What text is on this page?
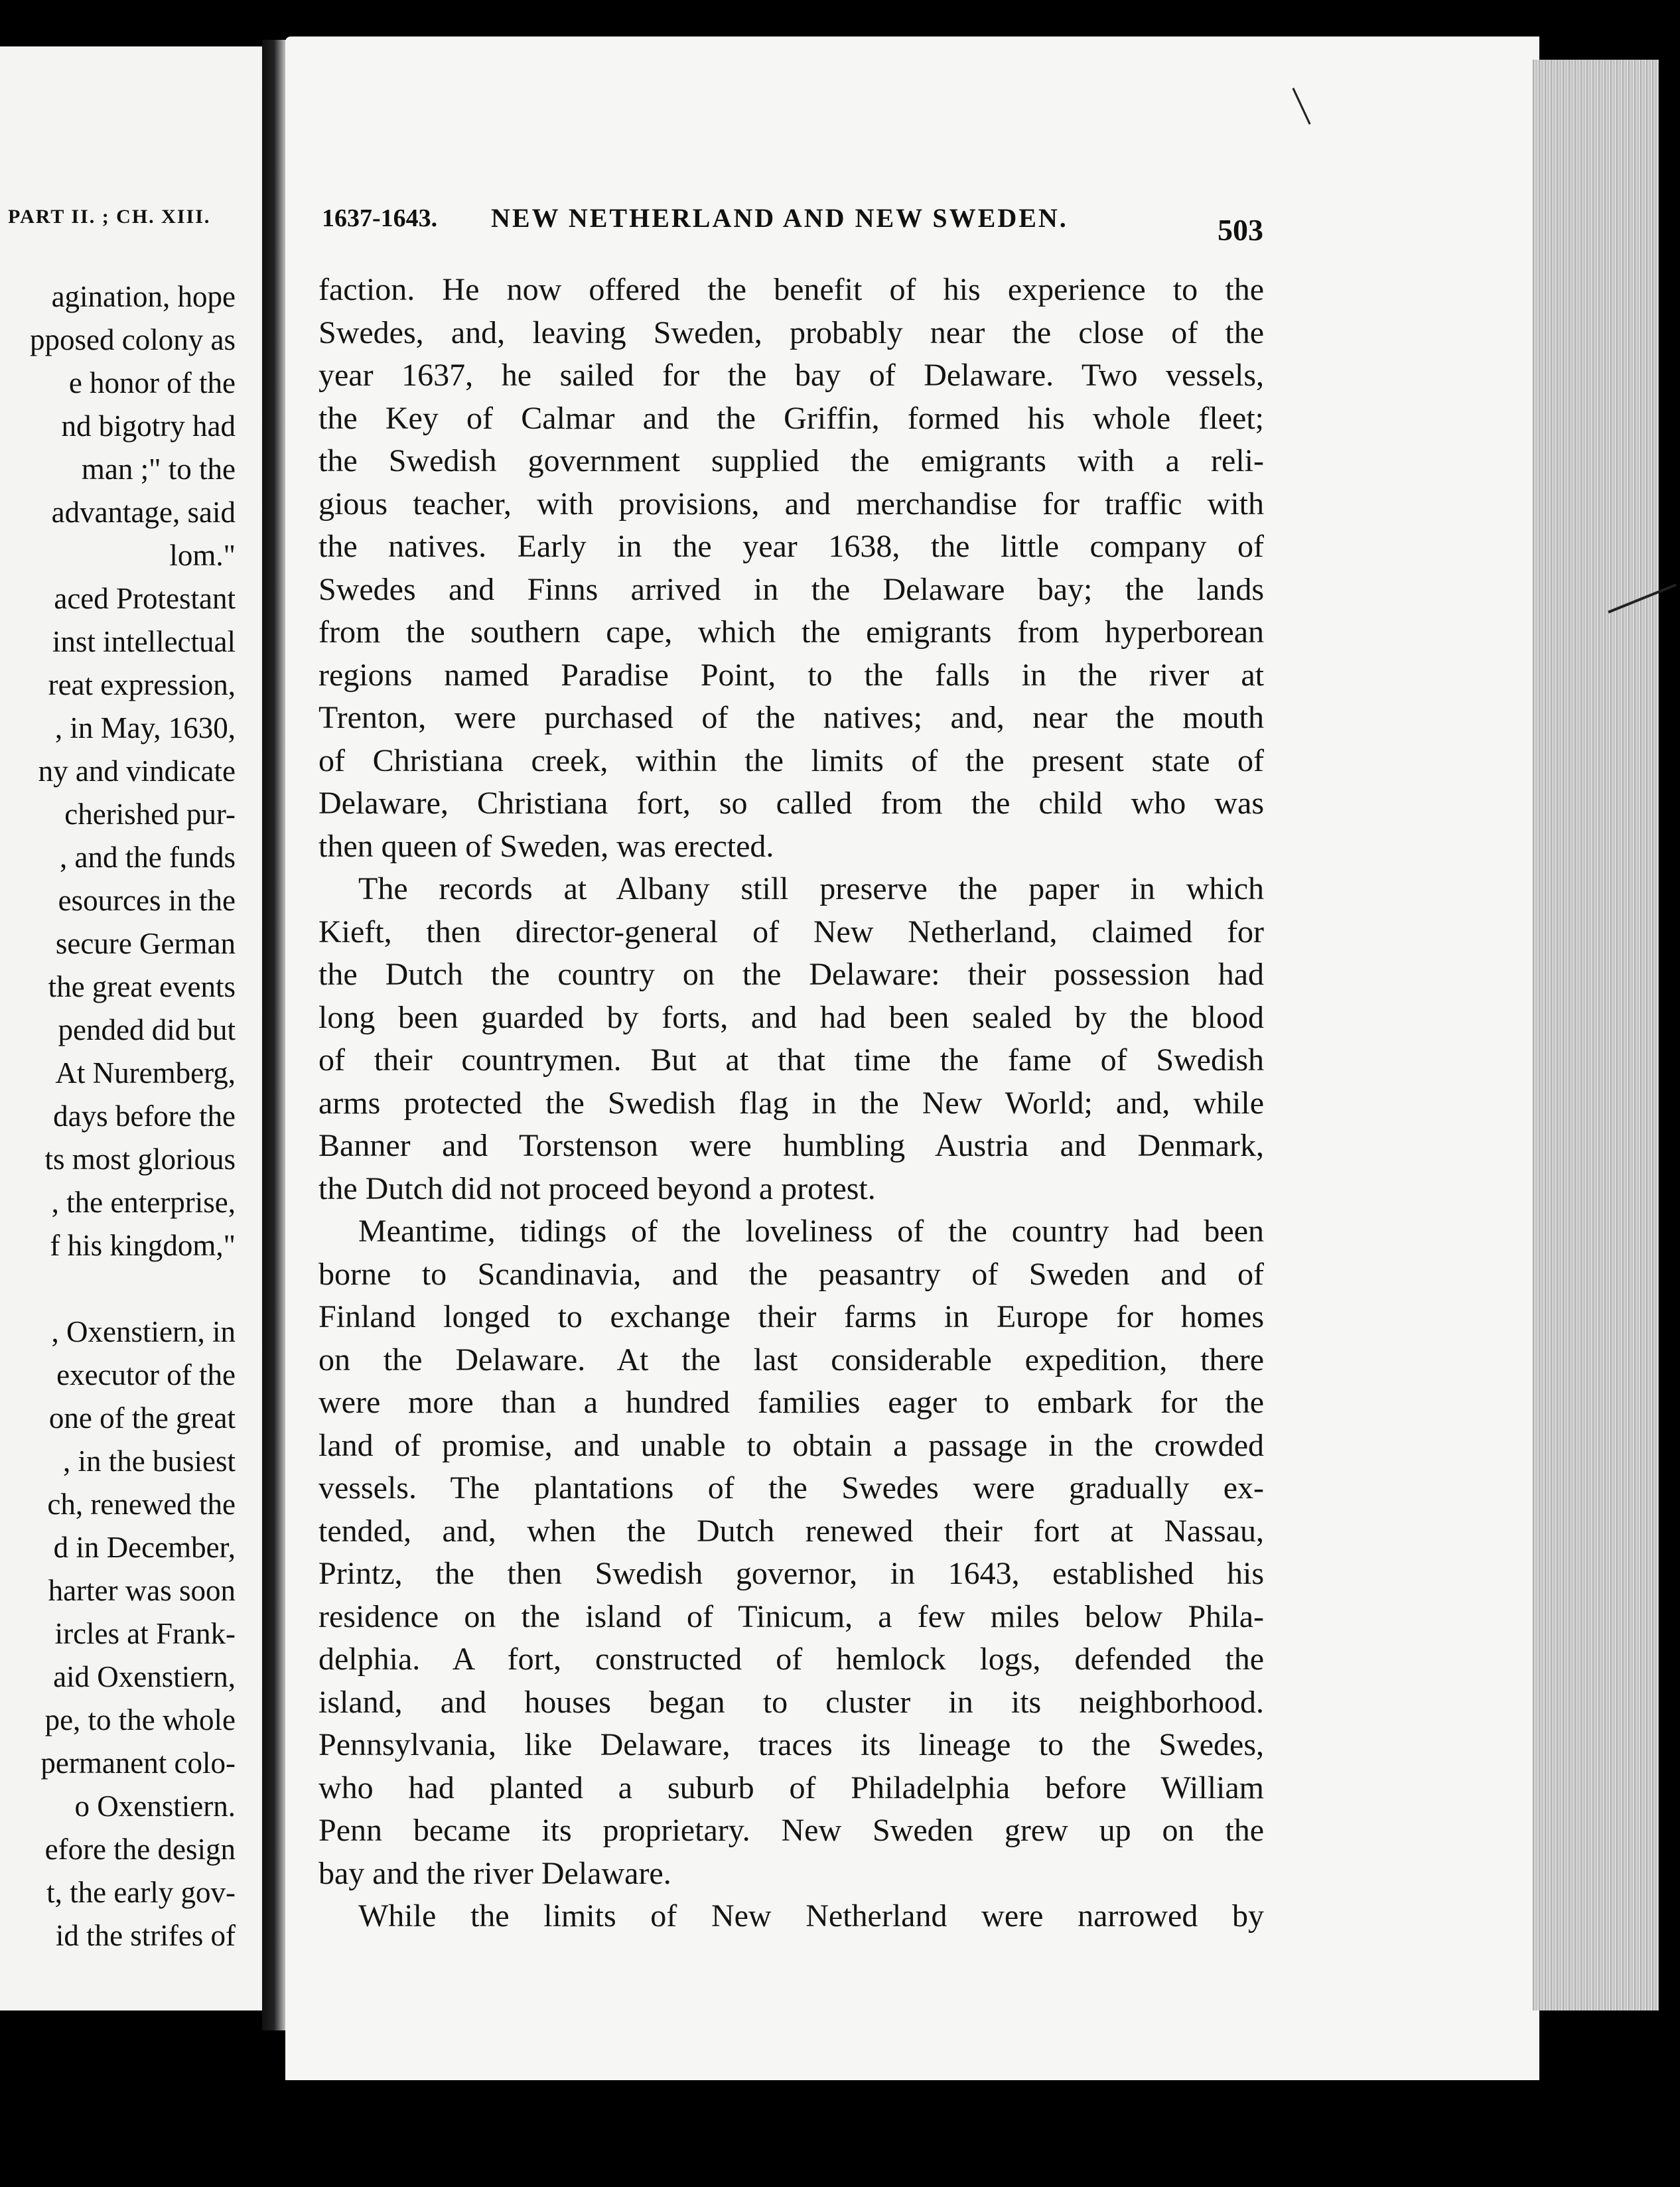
PART II. ; CH. XIII.
agination, hope
pposed colony as
e honor of the
nd bigotry had
man ;" to the
advantage, said
lom."
aced Protestant
inst intellectual
reat expression,
, in May, 1630,
ny and vindicate
cherished pur-
, and the funds
esources in the
secure German
the great events
pended did but
At Nuremberg,
days before the
ts most glorious
, the enterprise,
f his kingdom,"
, Oxenstiern, in
executor of the
one of the great
, in the busiest
ch, renewed the
d in December,
harter was soon
ircles at Frank-
aid Oxenstiern,
pe, to the whole
permanent colo-
o Oxenstiern.
efore the design
t, the early gov-
id the strifes of
1637-1643. NEW NETHERLAND AND NEW SWEDEN.	503
faction. He now offered the benefit of his experience to the
Swedes, and, leaving Sweden, probably near the close of the
year 1637, he sailed for the bay of Delaware. Two vessels,
the Key of Calmar and the Griffin, formed his whole fleet;
the Swedish government supplied the emigrants with a reli-
gious teacher, with provisions, and merchandise for traffic with
the natives. Early in the year 1638, the little company of
Swedes and Finns arrived in the Delaware bay; the lands
from the southern cape, which the emigrants from hyperborean
regions named Paradise Point, to the falls in the river at
Trenton, were purchased of the natives; and, near the mouth
of Christiana creek, within the limits of the present state of
Delaware, Christiana fort, so called from the child who was
then queen of Sweden, was erected.
The records at Albany still preserve the paper in which
Kieft, then director-general of New Netherland, claimed for
the Dutch the country on the Delaware: their possession had
long been guarded by forts, and had been sealed by the blood
of their countrymen. But at that time the fame of Swedish
arms protected the Swedish flag in the New World; and, while
Banner and Torstenson were humbling Austria and Denmark,
the Dutch did not proceed beyond a protest.
Meantime, tidings of the loveliness of the country had been
borne to Scandinavia, and the peasantry of Sweden and of
Finland longed to exchange their farms in Europe for homes
on the Delaware. At the last considerable expedition, there
were more than a hundred families eager to embark for the
land of promise, and unable to obtain a passage in the crowded
vessels. The plantations of the Swedes were gradually ex-
tended, and, when the Dutch renewed their fort at Nassau,
Printz, the then Swedish governor, in 1643, established his
residence on the island of Tinicum, a few miles below Phila-
delphia. A fort, constructed of hemlock logs, defended the
island, and houses began to cluster in its neighborhood.
Pennsylvania, like Delaware, traces its lineage to the Swedes,
who had planted a suburb of Philadelphia before William
Penn became its proprietary. New Sweden grew up on the
bay and the river Delaware.
While the limits of New Netherland were narrowed by
